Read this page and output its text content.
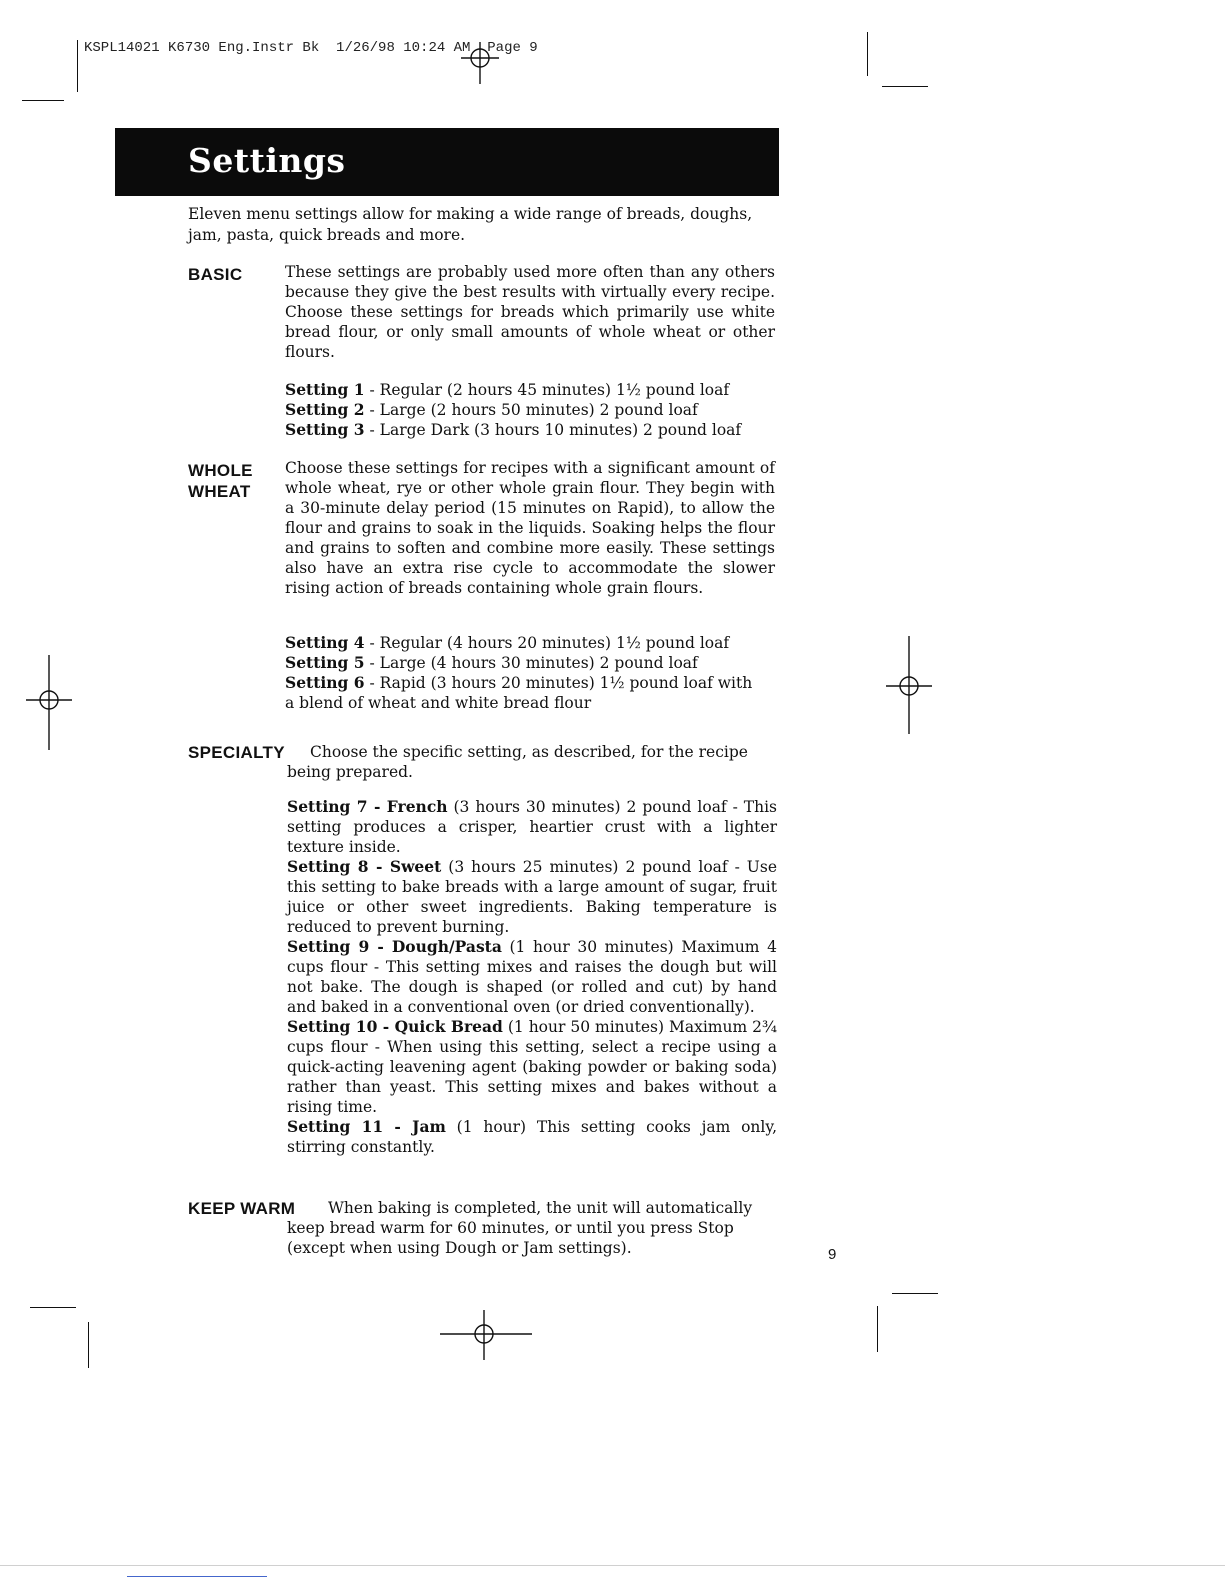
KSPL14021 K6730 Eng.Instr Bk  1/26/98 10:24 AM  Page 9
Settings
Eleven menu settings allow for making a wide range of breads, doughs, jam, pasta, quick breads and more.
BASIC	These settings are probably used more often than any others because they give the best results with virtually every recipe. Choose these settings for breads which primarily use white bread flour, or only small amounts of whole wheat or other flours.
Setting 1 - Regular (2 hours 45 minutes) 1½ pound loaf
Setting 2 - Large (2 hours 50 minutes) 2 pound loaf
Setting 3 - Large Dark (3 hours 10 minutes) 2 pound loaf
WHOLE
WHEAT
Choose these settings for recipes with a significant amount of whole wheat, rye or other whole grain flour. They begin with a 30-minute delay period (15 minutes on Rapid), to allow the flour and grains to soak in the liquids. Soaking helps the flour and grains to soften and combine more easily. These settings also have an extra rise cycle to accommodate the slower rising action of breads containing whole grain flours.
Setting 4 - Regular (4 hours 20 minutes) 1½ pound loaf
Setting 5 - Large (4 hours 30 minutes) 2 pound loaf
Setting 6 - Rapid (3 hours 20 minutes) 1½ pound loaf with
a blend of wheat and white bread flour
SPECIALTY Choose the specific setting, as described, for the recipe
being prepared.

Setting 7 - French (3 hours 30 minutes) 2 pound loaf - This setting produces a crisper, heartier crust with a lighter texture inside.

Setting 8 - Sweet (3 hours 25 minutes) 2 pound loaf - Use this setting to bake breads with a large amount of sugar, fruit juice or other sweet ingredients. Baking temperature is reduced to prevent burning.

Setting 9 - Dough/Pasta (1 hour 30 minutes) Maximum 4 cups flour - This setting mixes and raises the dough but will not bake. The dough is shaped (or rolled and cut) by hand and baked in a conventional oven (or dried conventionally).

Setting 10 - Quick Bread (1 hour 50 minutes) Maximum 2¾ cups flour - When using this setting, select a recipe using a quick-acting leavening agent (baking powder or baking soda) rather than yeast. This setting mixes and bakes without a rising time.

Setting 11 - Jam (1 hour) This setting cooks jam only, stirring constantly.

KEEP WARM When baking is completed, the unit will automatically
keep bread warm for 60 minutes, or until you press Stop (except when using Dough or Jam settings).	9
